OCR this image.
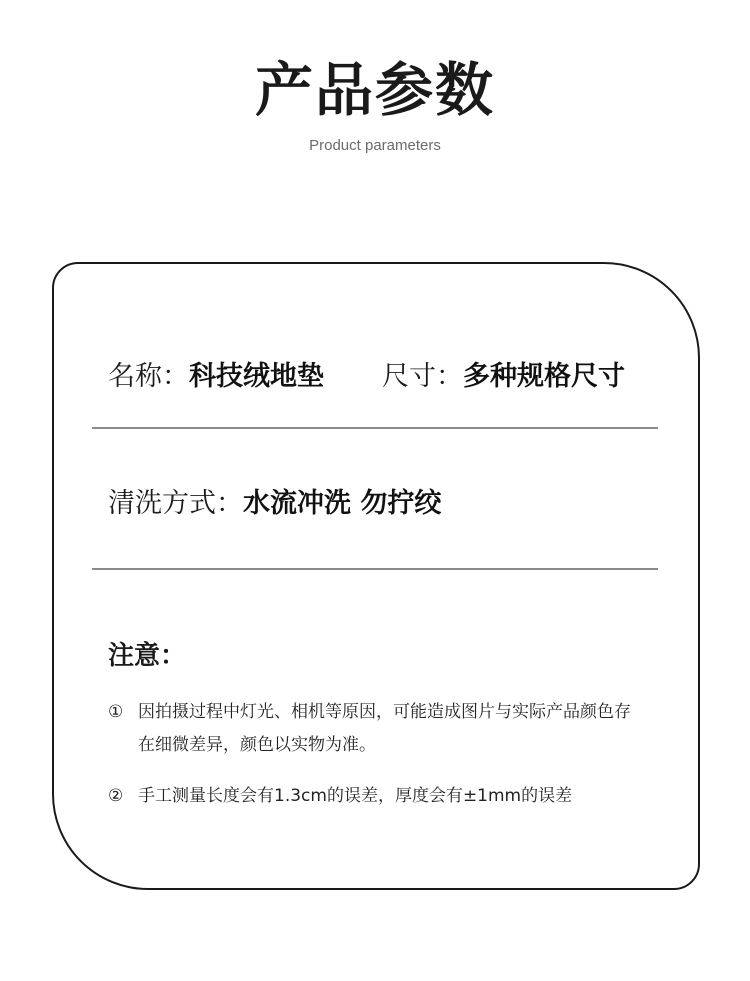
产品参数
Product parameters
名称：科技绒地垫 尺寸：多种规格尺寸
清洗方式：水流冲洗 勿拧绞
注意：
① 因拍摄过程中灯光、相机等原因，可能造成图片与实际产品颜色存在细微差异，颜色以实物为准。
② 手工测量长度会有1.3cm的误差，厚度会有±1mm的误差
